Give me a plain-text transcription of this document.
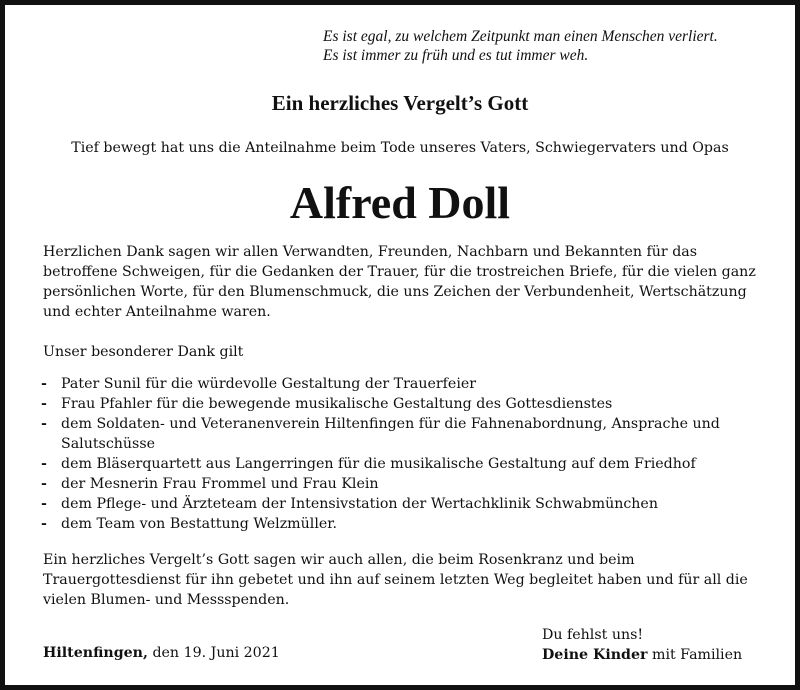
Es ist egal, zu welchem Zeitpunkt man einen Menschen verliert.
Es ist immer zu früh und es tut immer weh.
Ein herzliches Vergelt’s Gott
Tief bewegt hat uns die Anteilnahme beim Tode unseres Vaters, Schwiegervaters und Opas
Alfred Doll
Herzlichen Dank sagen wir allen Verwandten, Freunden, Nachbarn und Bekannten für das betroffene Schweigen, für die Gedanken der Trauer, für die trostreichen Briefe, für die vielen ganz persönlichen Worte, für den Blumenschmuck, die uns Zeichen der Verbundenheit, Wertschätzung und echter Anteilnahme waren.
Unser besonderer Dank gilt
- Pater Sunil für die würdevolle Gestaltung der Trauerfeier
- Frau Pfahler für die bewegende musikalische Gestaltung des Gottesdienstes
- dem Soldaten- und Veteranenverein Hiltenfingen für die Fahnenabordnung, Ansprache und Salutschüsse
- dem Bläserquartett aus Langerringen für die musikalische Gestaltung auf dem Friedhof
- der Mesnerin Frau Frommel und Frau Klein
- dem Pflege- und Ärzteteam der Intensivstation der Wertachklinik Schwabmünchen
- dem Team von Bestattung Welzmüller.
Ein herzliches Vergelt’s Gott sagen wir auch allen, die beim Rosenkranz und beim Trauergottesdienst für ihn gebetet und ihn auf seinem letzten Weg begleitet haben und für all die vielen Blumen- und Messspenden.
Hiltenfingen, den 19. Juni 2021
Du fehlst uns!
Deine Kinder mit Familien
